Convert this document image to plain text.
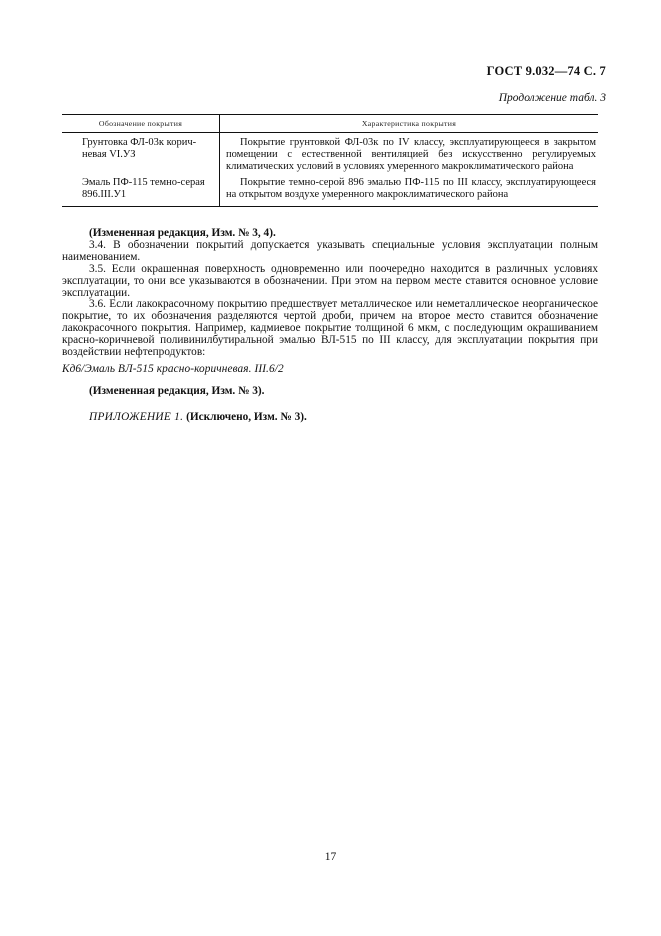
ГОСТ 9.032—74 С. 7
Продолжение табл. 3
Обозначение покрытия	Характеристика покрытия
Грунтовка ФЛ-03к корич-
невая VI.УЗ
Покрытие грунтовкой ФЛ-03к по IV классу, эксплуатирующееся в закрытом помещении с естественной вентиляцией без искусственно регулируемых климатических условий в условиях умеренного макроклиматического района
Эмаль ПФ-115 темно-серая
896.III.У1
Покрытие темно-серой 896 эмалью ПФ-115 по III классу, эксплуатирующееся на открытом воздухе умеренного макроклиматического района

(Измененная редакция, Изм. № 3, 4).

3.4. В обозначении покрытий допускается указывать специальные условия эксплуатации полным наименованием.

3.5. Если окрашенная поверхность одновременно или поочередно находится в различных условиях эксплуатации, то они все указываются в обозначении. При этом на первом месте ставится основное условие эксплуатации.

3.6. Если лакокрасочному покрытию предшествует металлическое или неметаллическое неорганическое покрытие, то их обозначения разделяются чертой дроби, причем на второе место ставится обозначение лакокрасочного покрытия. Например, кадмиевое покрытие толщиной 6 мкм, с последующим окрашиванием красно-коричневой поливинилбутиральной эмалью ВЛ-515 по III классу, для эксплуатации покрытия при воздействии нефтепродуктов:

Кд6/Эмаль ВЛ-515 красно-коричневая. III.6/2

(Измененная редакция, Изм. № 3).

ПРИЛОЖЕНИЕ 1. (Исключено, Изм. № 3).

17
